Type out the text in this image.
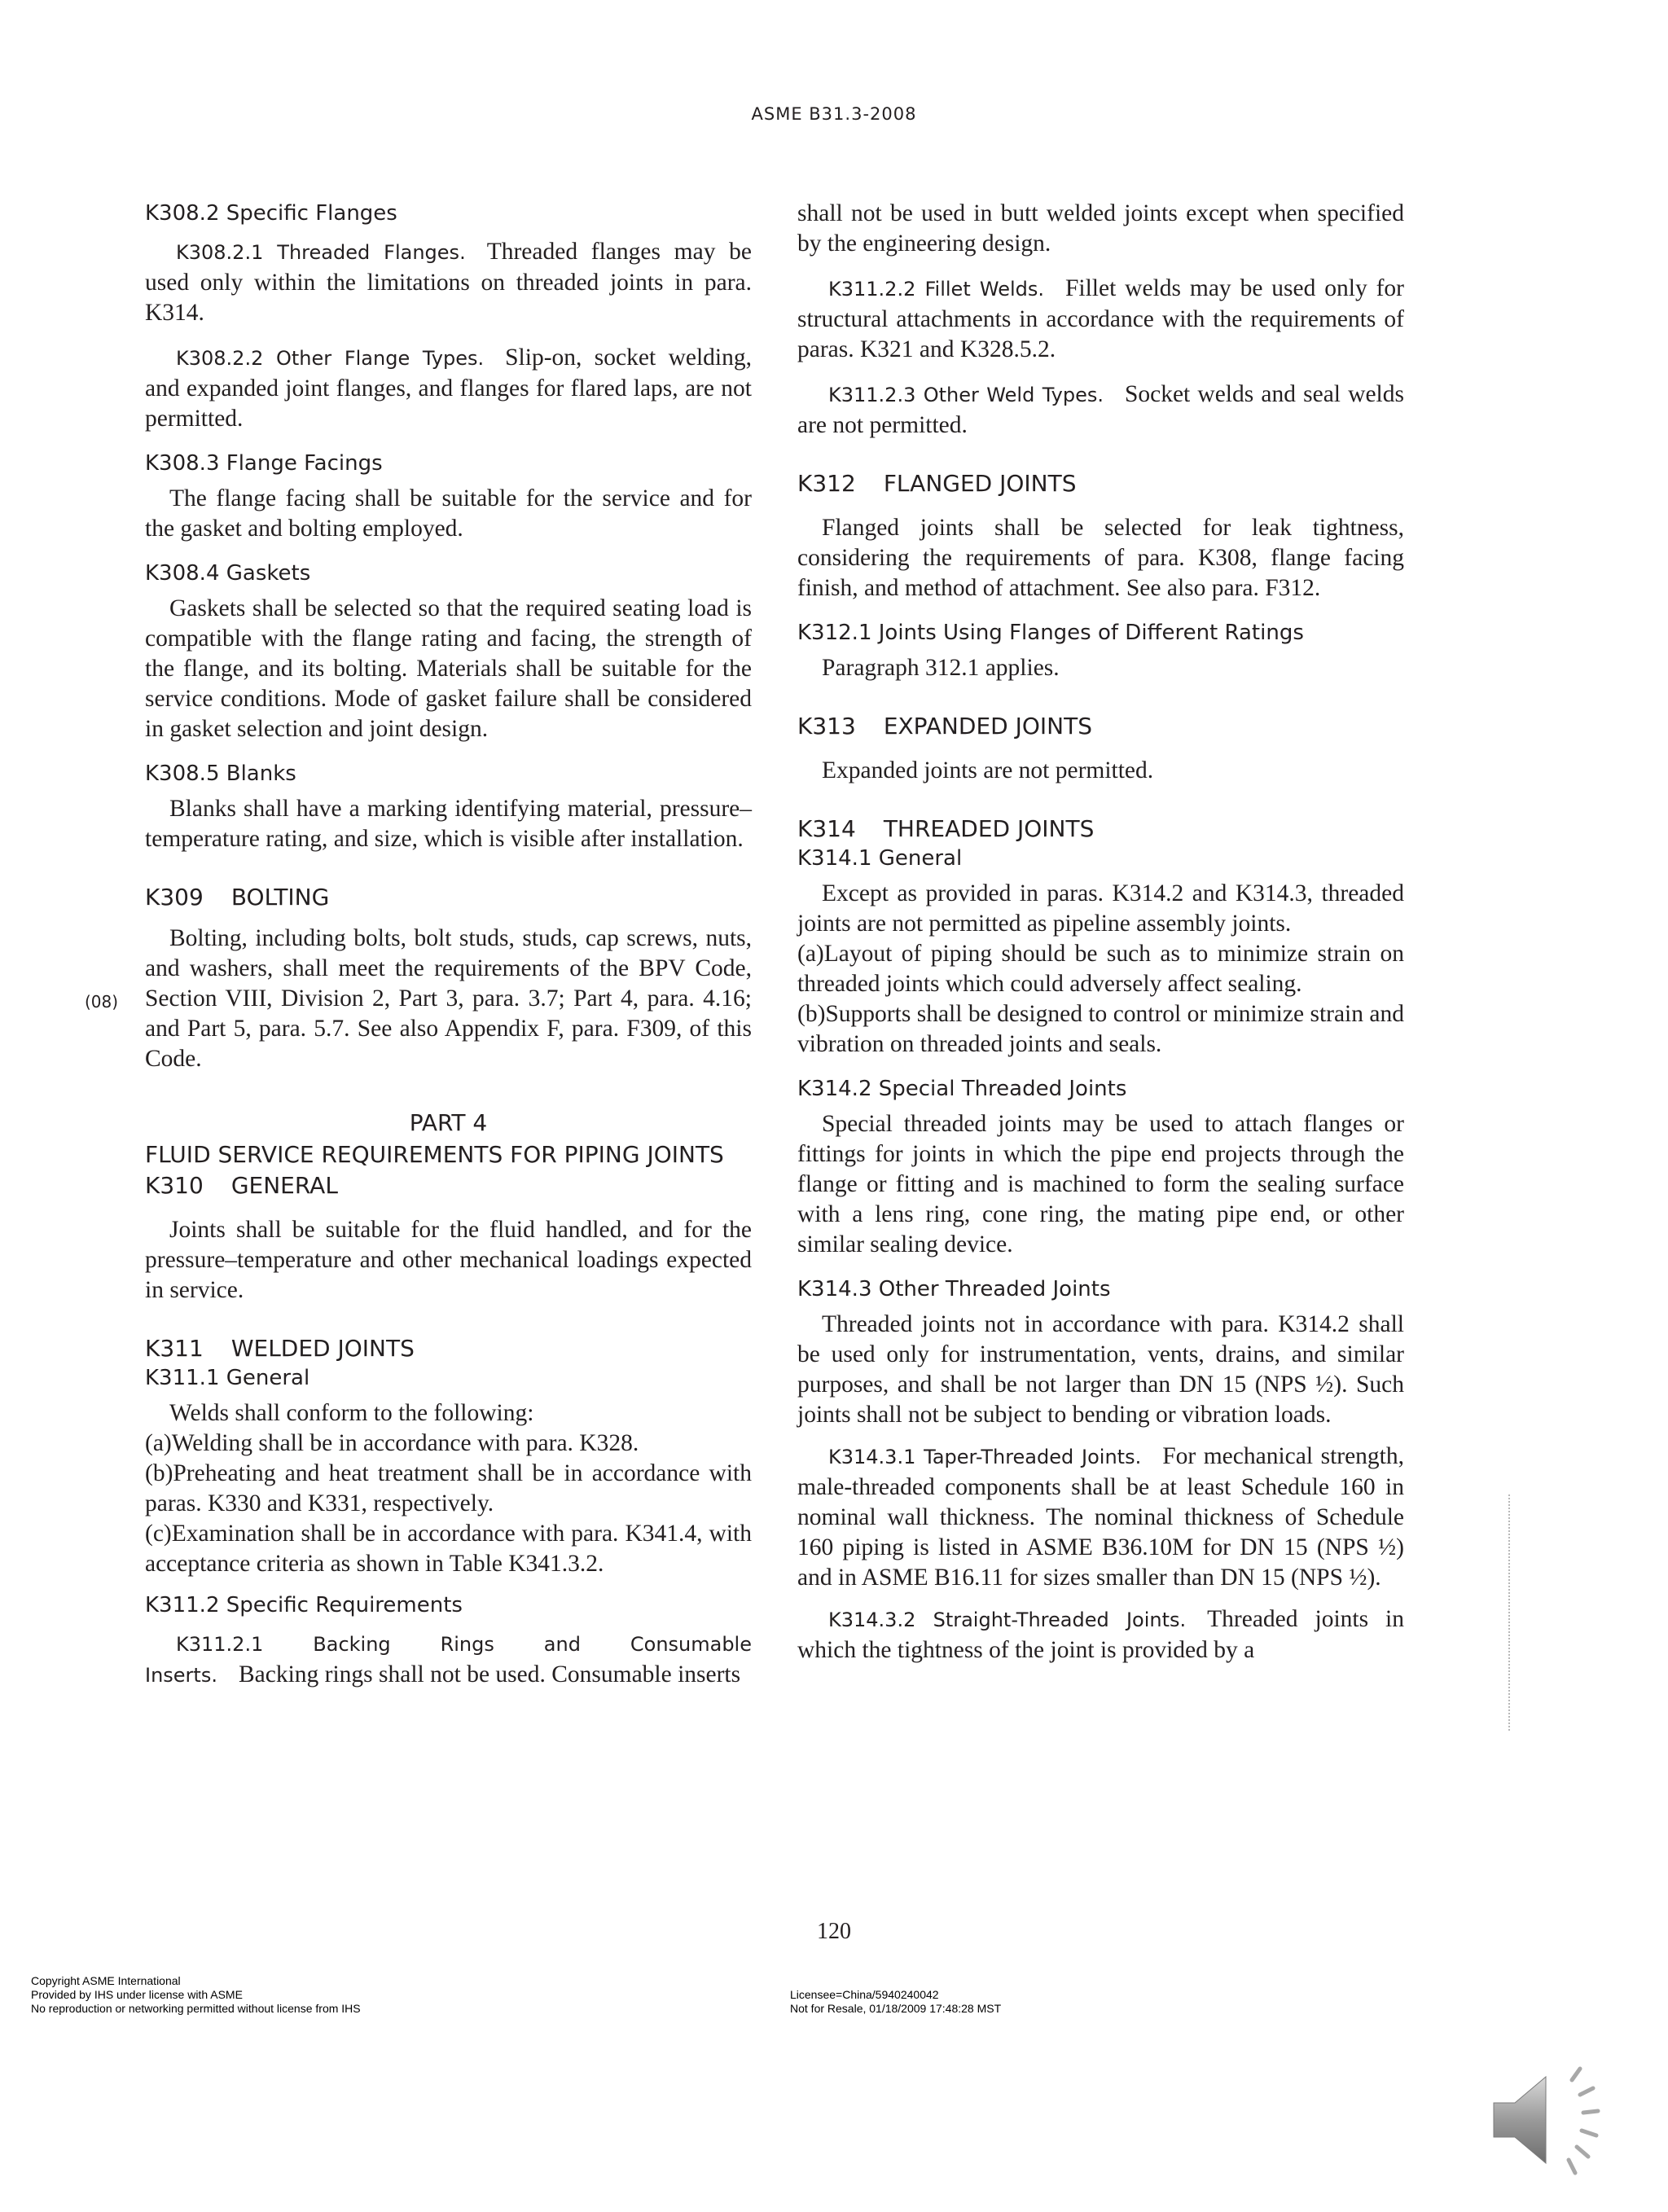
ASME B31.3-2008
K308.2 Specific Flanges

K308.2.1 Threaded Flanges. Threaded flanges may be used only within the limitations on threaded joints in para. K314.

K308.2.2 Other Flange Types. Slip-on, socket welding, and expanded joint flanges, and flanges for flared laps, are not permitted.

K308.3 Flange Facings

The flange facing shall be suitable for the service and for the gasket and bolting employed.

K308.4 Gaskets

Gaskets shall be selected so that the required seating load is compatible with the flange rating and facing, the strength of the flange, and its bolting. Materials shall be suitable for the service conditions. Mode of gasket failure shall be considered in gasket selection and joint design.

K308.5 Blanks

Blanks shall have a marking identifying material, pressure–temperature rating, and size, which is visible after installation.

K309 BOLTING

Bolting, including bolts, bolt studs, studs, cap screws, nuts, and washers, shall meet the requirements of the BPV Code, Section VIII, Division 2, Part 3, para. 3.7; Part 4, para. 4.16; and Part 5, para. 5.7. See also Appendix F, para. F309, of this Code.

PART 4
FLUID SERVICE REQUIREMENTS FOR PIPING JOINTS
K310 GENERAL

Joints shall be suitable for the fluid handled, and for the pressure–temperature and other mechanical loadings expected in service.

K311 WELDED JOINTS
K311.1 General

Welds shall conform to the following:

(a)Welding shall be in accordance with para. K328.

(b)Preheating and heat treatment shall be in accordance with paras. K330 and K331, respectively.

(c)Examination shall be in accordance with para. K341.4, with acceptance criteria as shown in Table K341.3.2.

K311.2 Specific Requirements

K311.2.1 Backing Rings and Consumable Inserts. Backing rings shall not be used. Consumable inserts

(08)

shall not be used in butt welded joints except when specified by the engineering design.

K311.2.2 Fillet Welds. Fillet welds may be used only for structural attachments in accordance with the requirements of paras. K321 and K328.5.2.

K311.2.3 Other Weld Types. Socket welds and seal welds are not permitted.

K312 FLANGED JOINTS

Flanged joints shall be selected for leak tightness, considering the requirements of para. K308, flange facing finish, and method of attachment. See also para. F312.

K312.1 Joints Using Flanges of Different Ratings

Paragraph 312.1 applies.

K313 EXPANDED JOINTS

Expanded joints are not permitted.

K314 THREADED JOINTS
K314.1 General

Except as provided in paras. K314.2 and K314.3, threaded joints are not permitted as pipeline assembly joints.

(a)Layout of piping should be such as to minimize strain on threaded joints which could adversely affect sealing.

(b)Supports shall be designed to control or minimize strain and vibration on threaded joints and seals.

K314.2 Special Threaded Joints

Special threaded joints may be used to attach flanges or fittings for joints in which the pipe end projects through the flange or fitting and is machined to form the sealing surface with a lens ring, cone ring, the mating pipe end, or other similar sealing device.

K314.3 Other Threaded Joints

Threaded joints not in accordance with para. K314.2 shall be used only for instrumentation, vents, drains, and similar purposes, and shall be not larger than DN 15 (NPS ½). Such joints shall not be subject to bending or vibration loads.

K314.3.1 Taper-Threaded Joints. For mechanical strength, male-threaded components shall be at least Schedule 160 in nominal wall thickness. The nominal thickness of Schedule 160 piping is listed in ASME B36.10M for DN 15 (NPS ½) and in ASME B16.11 for sizes smaller than DN 15 (NPS ½).

K314.3.2 Straight-Threaded Joints. Threaded joints in which the tightness of the joint is provided by a

120
Copyright ASME International
Provided by IHS under license with ASME
No reproduction or networking permitted without license from IHS
Licensee=China/5940240042
Not for Resale, 01/18/2009 17:48:28 MST
